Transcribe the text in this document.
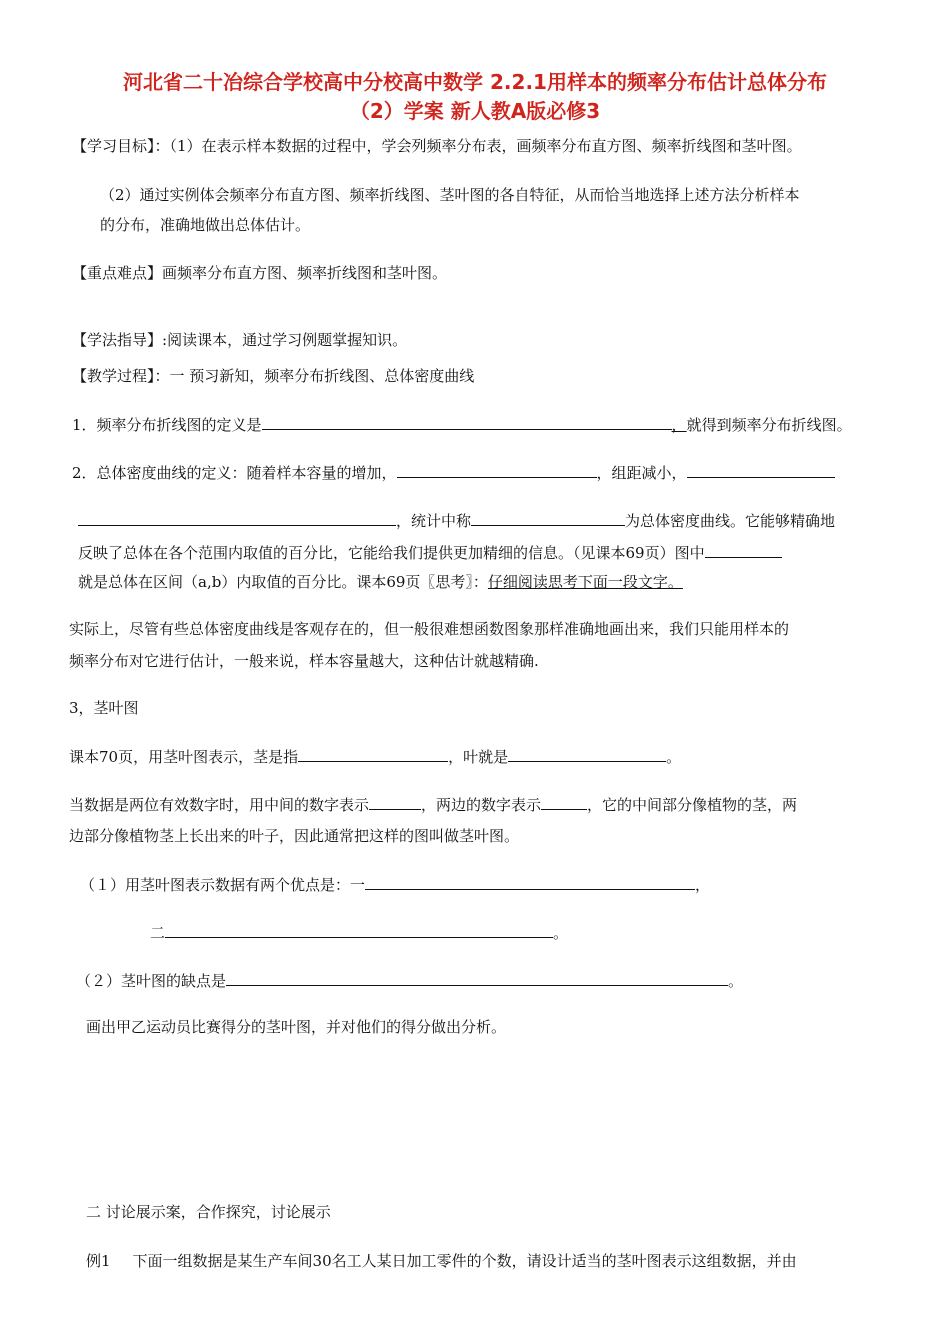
河北省二十冶综合学校高中分校高中数学 2.2.1用样本的频率分布估计总体分布
（2）学案 新人教A版必修3
【学习目标】：（1）在表示样本数据的过程中，学会列频率分布表，画频率分布直方图、频率折线图和茎叶图。
（2）通过实例体会频率分布直方图、频率折线图、茎叶图的各自特征，从而恰当地选择上述方法分析样本
的分布，准确地做出总体估计。
【重点难点】画频率分布直方图、频率折线图和茎叶图。
【学法指导】:阅读课本，通过学习例题掌握知识。
【教学过程】：一 预习新知，频率分布折线图、总体密度曲线
1．频率分布折线图的定义是	，就得到频率分布折线图。
2．总体密度曲线的定义：随着样本容量的增加，	，组距减小，
，统计中称	为总体密度曲线。它能够精确地
反映了总体在各个范围内取值的百分比，它能给我们提供更加精细的信息。（见课本69页）图中
就是总体在区间（a,b）内取值的百分比。课本69页〖思考〗：仔细阅读思考下面一段文字。
实际上，尽管有些总体密度曲线是客观存在的，但一般很难想函数图象那样准确地画出来，我们只能用样本的
频率分布对它进行估计，一般来说，样本容量越大，这种估计就越精确.
3，茎叶图
课本70页，用茎叶图表示，茎是指	，叶就是	。
当数据是两位有效数字时，用中间的数字表示	，两边的数字表示	，它的中间部分像植物的茎，两
边部分像植物茎上长出来的叶子，因此通常把这样的图叫做茎叶图。
（１）用茎叶图表示数据有两个优点是：一	，
二	。
（２）茎叶图的缺点是	。
画出甲乙运动员比赛得分的茎叶图，并对他们的得分做出分析。
二 讨论展示案，合作探究，讨论展示
例1 下面一组数据是某生产车间30名工人某日加工零件的个数，请设计适当的茎叶图表示这组数据，并由
